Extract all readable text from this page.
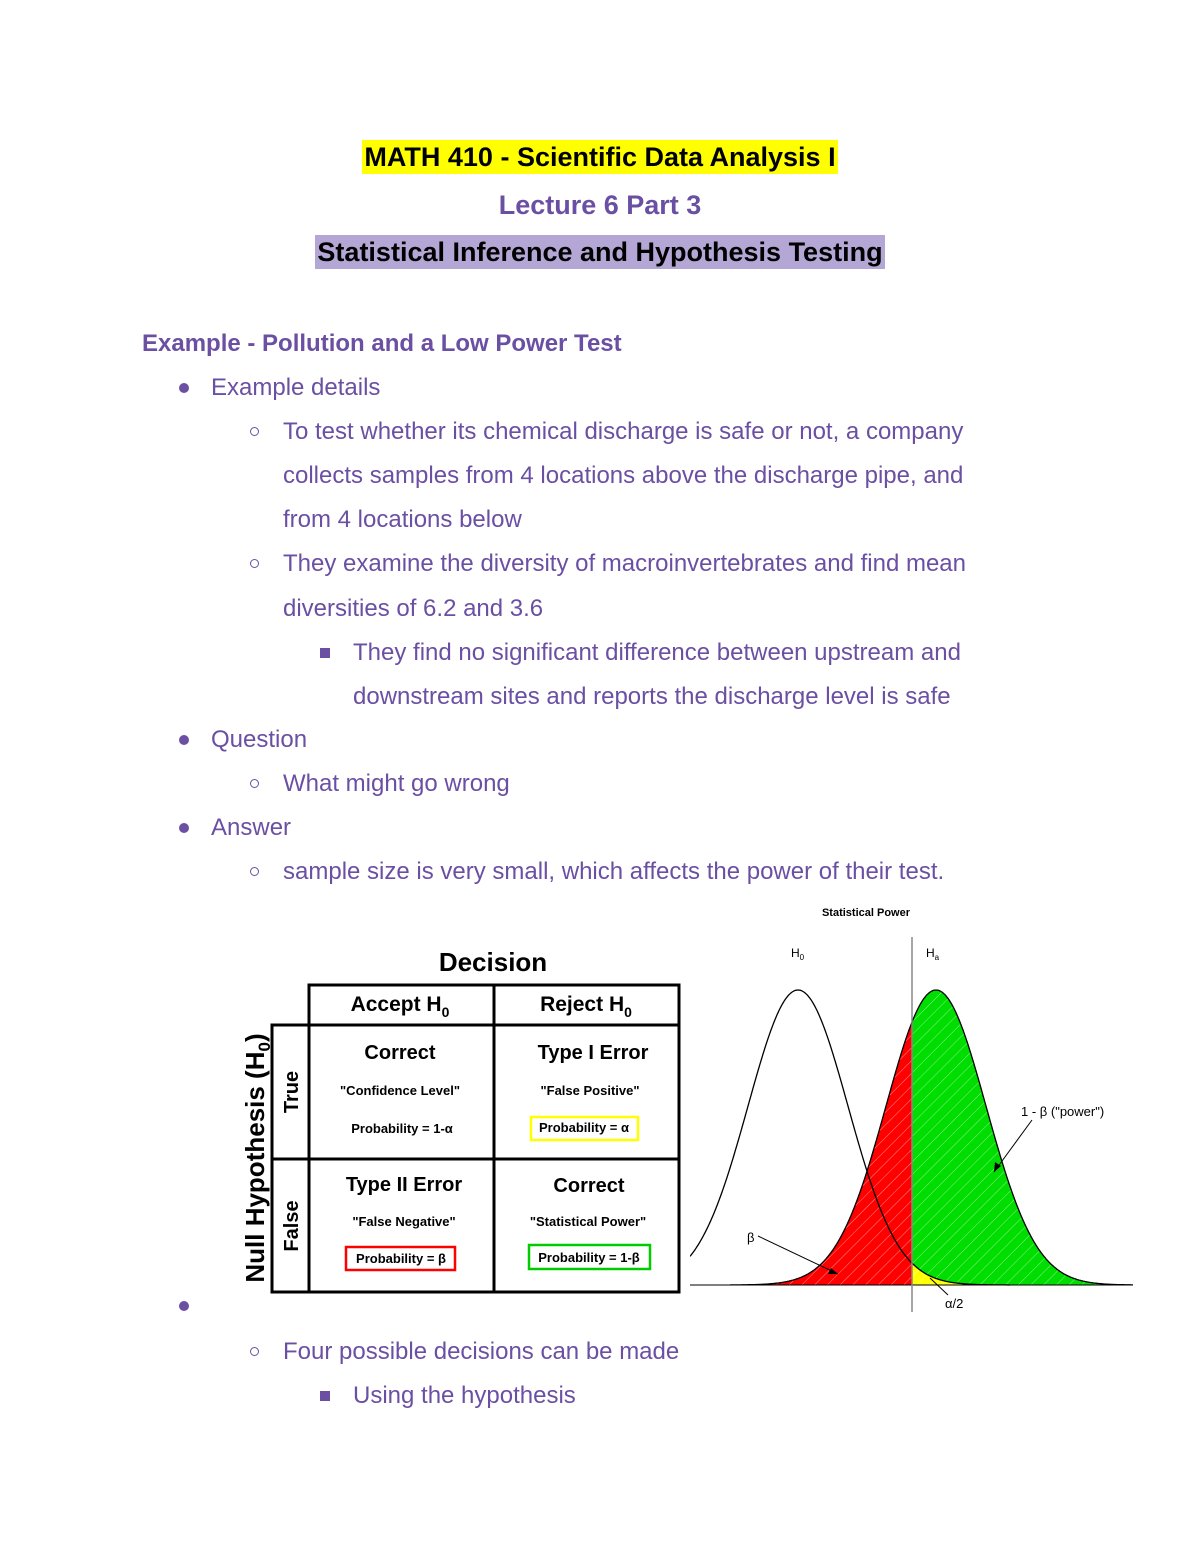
MATH 410 - Scientific Data Analysis I
Lecture 6 Part 3
Statistical Inference and Hypothesis Testing
Example - Pollution and a Low Power Test
Example details
To test whether its chemical discharge is safe or not, a company
collects samples from 4 locations above the discharge pipe, and
from 4 locations below
They examine the diversity of macroinvertebrates and find mean
diversities of 6.2 and 3.6
They find no significant difference between upstream and
downstream sites and reports the discharge level is safe
Question
What might go wrong
Answer
sample size is very small, which affects the power of their test.
Decision
Accept $H_0$	Reject $H_0$
Null Hypothesis $(H_0)$
True
False
Correct
"Confidence Level"
Probability = 1-α
Type I Error
"False Positive"
Probability = α
Type II Error
"False Negative"
Probability = β
Correct
"Statistical Power"
Probability = 1-β
Statistical Power
$H_0$	$H_a$
1 - β ("power")
β
α/2
Four possible decisions can be made
Using the hypothesis
